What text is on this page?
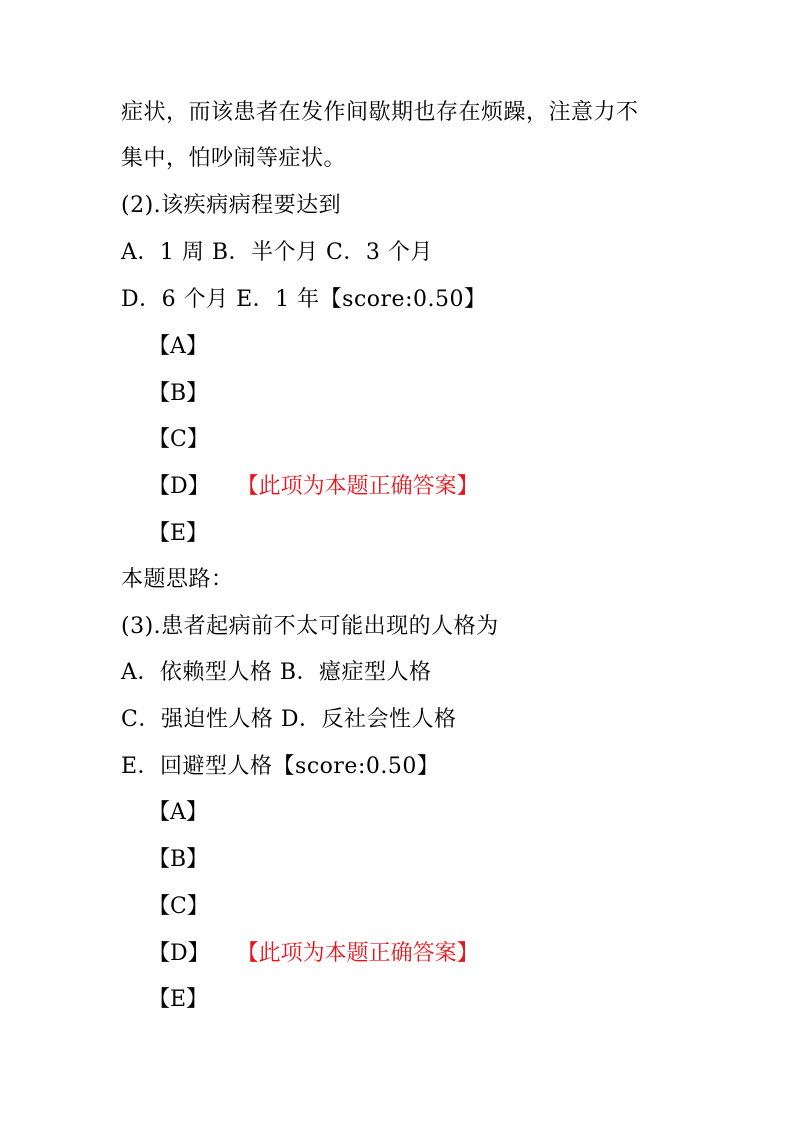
症状，而该患者在发作间歇期也存在烦躁，注意力不
集中，怕吵闹等症状。
(2).该疾病病程要达到
A．1 周 B．半个月 C．3 个月
D．6 个月 E．1 年【score:0.50】
【A】
【B】
【C】
【D】 【此项为本题正确答案】
【E】
本题思路：
(3).患者起病前不太可能出现的人格为
A．依赖型人格 B．癔症型人格
C．强迫性人格 D．反社会性人格
E．回避型人格【score:0.50】
【A】
【B】
【C】
【D】 【此项为本题正确答案】
【E】
